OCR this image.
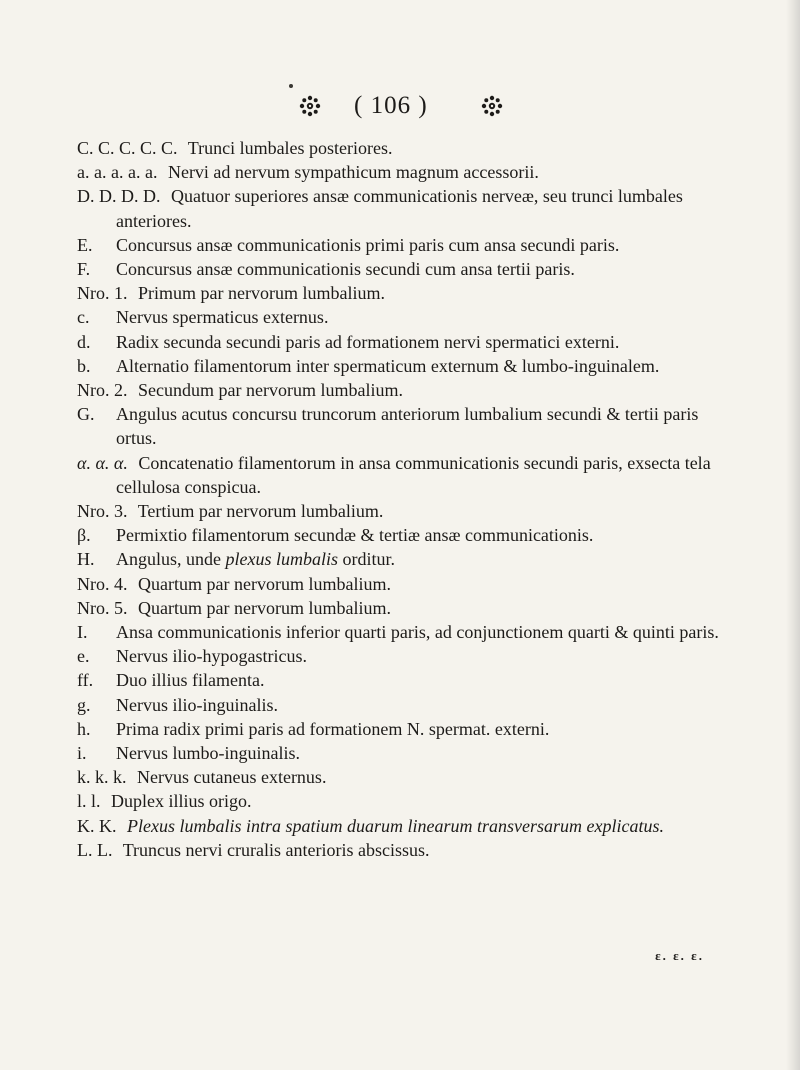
( 106 )
C. C. C. C. C. Trunci lumbales posteriores.
a. a. a. a. a. Nervi ad nervum sympathicum magnum accessorii.
D. D. D. D. Quatuor superiores ansæ communicationis nerveæ, seu trunci lumbales anteriores.
E. Concursus ansæ communicationis primi paris cum ansa secundi paris.
F. Concursus ansæ communicationis secundi cum ansa tertii paris.
Nro. 1. Primum par nervorum lumbalium.
c. Nervus spermaticus externus.
d. Radix secunda secundi paris ad formationem nervi spermatici externi.
b. Alternatio filamentorum inter spermaticum externum & lumbo-inguinalem.
Nro. 2. Secundum par nervorum lumbalium.
G. Angulus acutus concursu truncorum anteriorum lumbalium secundi & tertii paris ortus.
α. α. α. Concatenatio filamentorum in ansa communicationis secundi paris, exsecta tela cellulosa conspicua.
Nro. 3. Tertium par nervorum lumbalium.
β. Permixtio filamentorum secundæ & tertiæ ansæ communicationis.
H. Angulus, unde plexus lumbalis orditur.
Nro. 4. Quartum par nervorum lumbalium.
Nro. 5. Quartum par nervorum lumbalium.
I. Ansa communicationis inferior quarti paris, ad conjunctionem quarti & quinti paris.
e. Nervus ilio-hypogastricus.
ff. Duo illius filamenta.
g. Nervus ilio-inguinalis.
h. Prima radix primi paris ad formationem N. spermat. externi.
i. Nervus lumbo-inguinalis.
k. k. k. Nervus cutaneus externus.
l. l. Duplex illius origo.
K. K. Plexus lumbalis intra spatium duarum linearum transversarum explicatus.
L. L. Truncus nervi cruralis anterioris abscissus.
ε. ε. ε.
